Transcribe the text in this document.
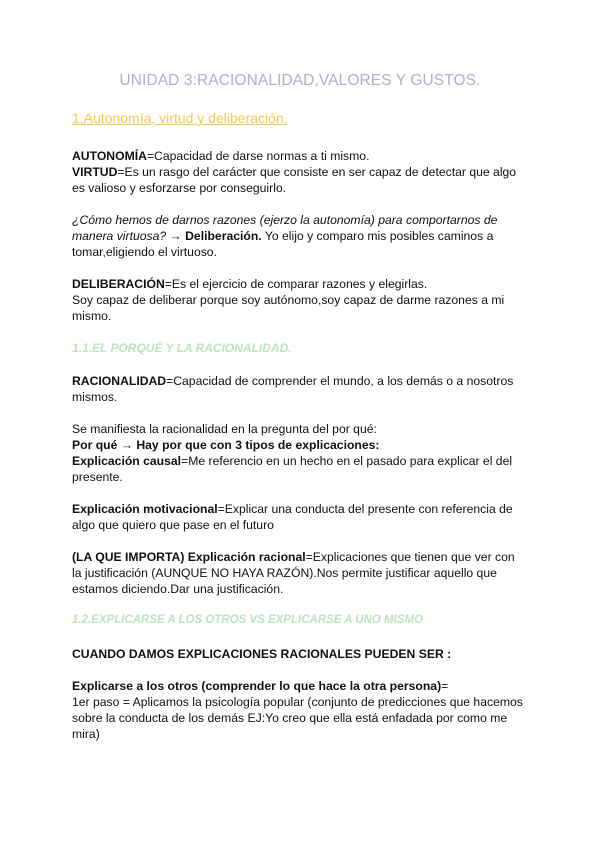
UNIDAD 3:RACIONALIDAD,VALORES Y GUSTOS.
1.Autonomía, virtud y deliberación.
AUTONOMÍA=Capacidad de darse normas a ti mismo.
VIRTUD=Es un rasgo del carácter que consiste en ser capaz de detectar que algo
es valioso y esforzarse por conseguirlo.
¿Cómo hemos de darnos razones (ejerzo la autonomía) para comportarnos de
manera virtuosa? → Deliberación. Yo elijo y comparo mis posibles caminos a
tomar,eligiendo el virtuoso.
DELIBERACIÓN=Es el ejercicio de comparar razones y elegirlas.
Soy capaz de deliberar porque soy autónomo,soy capaz de darme razones a mi
mismo.
1.1.EL PORQUÉ Y LA RACIONALIDAD.
RACIONALIDAD=Capacidad de comprender el mundo, a los demás o a nosotros
mismos.
Se manifiesta la racionalidad en la pregunta del por qué:
Por qué → Hay por que con 3 tipos de explicaciones:
Explicación causal=Me referencio en un hecho en el pasado para explicar el del
presente.
Explicación motivacional=Explicar una conducta del presente con referencia de
algo que quiero que pase en el futuro
(LA QUE IMPORTA) Explicación racional=Explicaciones que tienen que ver con
la justificación (AUNQUE NO HAYA RAZÓN).Nos permite justificar aquello que
estamos diciendo.Dar una justificación.
1.2.EXPLICARSE A LOS OTROS VS EXPLICARSE A UNO MISMO
CUANDO DAMOS EXPLICACIONES RACIONALES PUEDEN SER :
Explicarse a los otros (comprender lo que hace la otra persona)=
1er paso = Aplicamos la psicología popular (conjunto de predicciones que hacemos
sobre la conducta de los demás EJ:Yo creo que ella está enfadada por como me
mira)
